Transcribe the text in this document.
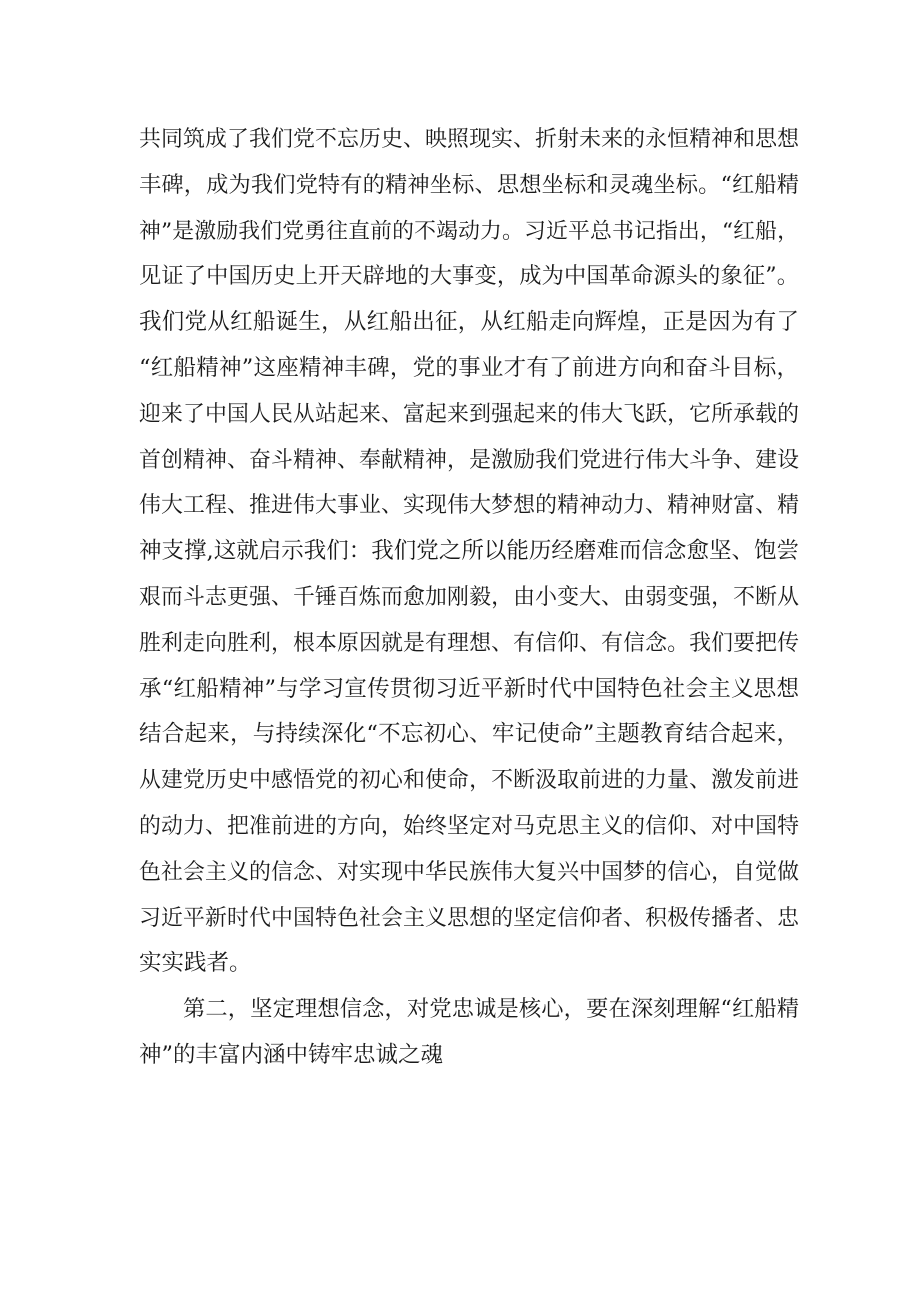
共同筑成了我们党不忘历史、映照现实、折射未来的永恒精神和思想
丰碑，成为我们党特有的精神坐标、思想坐标和灵魂坐标。“红船精
神”是激励我们党勇往直前的不竭动力。习近平总书记指出，“红船，
见证了中国历史上开天辟地的大事变，成为中国革命源头的象征”。
我们党从红船诞生，从红船出征，从红船走向辉煌，正是因为有了
“红船精神”这座精神丰碑，党的事业才有了前进方向和奋斗目标，
迎来了中国人民从站起来、富起来到强起来的伟大飞跃，它所承载的
首创精神、奋斗精神、奉献精神，是激励我们党进行伟大斗争、建设
伟大工程、推进伟大事业、实现伟大梦想的精神动力、精神财富、精
神支撑,这就启示我们：我们党之所以能历经磨难而信念愈坚、饱尝
艰而斗志更强、千锤百炼而愈加刚毅，由小变大、由弱变强，不断从
胜利走向胜利，根本原因就是有理想、有信仰、有信念。我们要把传
承“红船精神”与学习宣传贯彻习近平新时代中国特色社会主义思想
结合起来，与持续深化“不忘初心、牢记使命”主题教育结合起来，
从建党历史中感悟党的初心和使命，不断汲取前进的力量、激发前进
的动力、把准前进的方向，始终坚定对马克思主义的信仰、对中国特
色社会主义的信念、对实现中华民族伟大复兴中国梦的信心，自觉做
习近平新时代中国特色社会主义思想的坚定信仰者、积极传播者、忠
实实践者。
第二，坚定理想信念，对党忠诚是核心，要在深刻理解“红船精
神”的丰富内涵中铸牢忠诚之魂
